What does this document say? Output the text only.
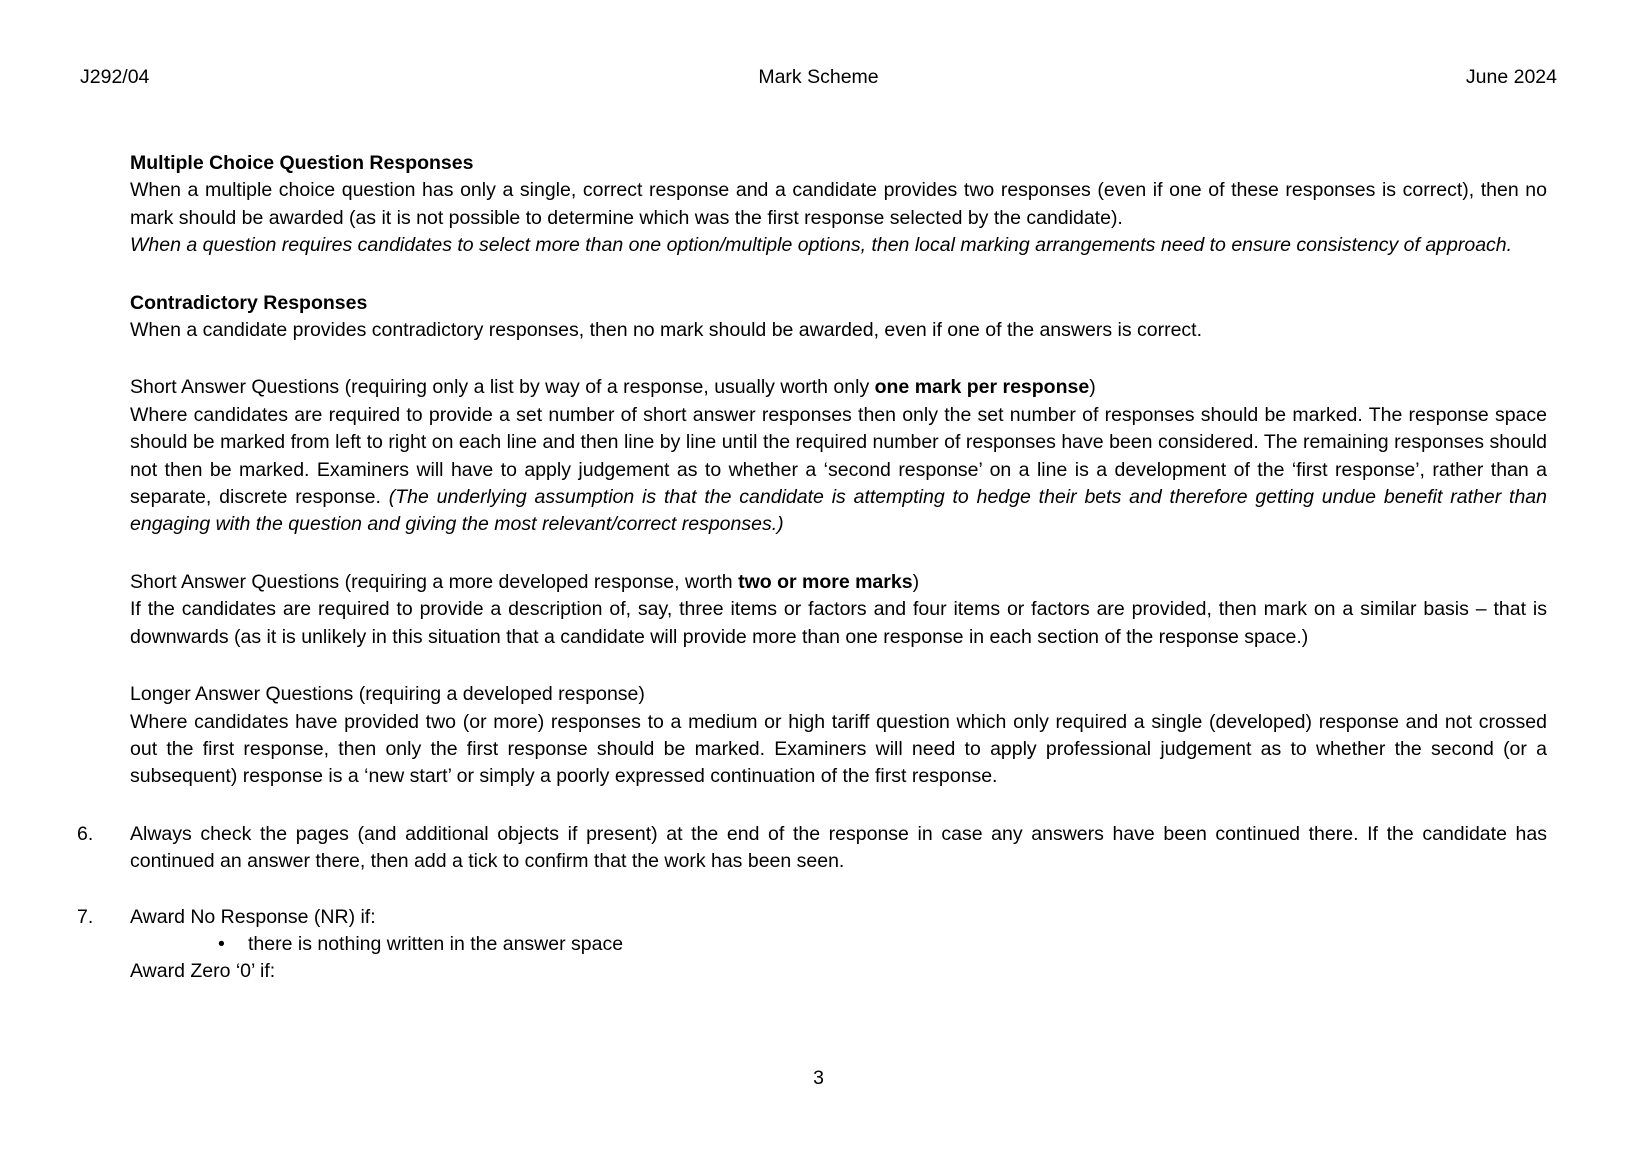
J292/04	Mark Scheme	June 2024

Multiple Choice Question Responses

When a multiple choice question has only a single, correct response and a candidate provides two responses (even if one of these responses is correct), then no mark should be awarded (as it is not possible to determine which was the first response selected by the candidate).

When a question requires candidates to select more than one option/multiple options, then local marking arrangements need to ensure consistency of approach.

Contradictory Responses

When a candidate provides contradictory responses, then no mark should be awarded, even if one of the answers is correct.

Short Answer Questions (requiring only a list by way of a response, usually worth only one mark per response)

Where candidates are required to provide a set number of short answer responses then only the set number of responses should be marked. The response space should be marked from left to right on each line and then line by line until the required number of responses have been considered. The remaining responses should not then be marked. Examiners will have to apply judgement as to whether a ‘second response’ on a line is a development of the ‘first response’, rather than a separate, discrete response. (The underlying assumption is that the candidate is attempting to hedge their bets and therefore getting undue benefit rather than engaging with the question and giving the most relevant/correct responses.)

Short Answer Questions (requiring a more developed response, worth two or more marks)

If the candidates are required to provide a description of, say, three items or factors and four items or factors are provided, then mark on a similar basis – that is downwards (as it is unlikely in this situation that a candidate will provide more than one response in each section of the response space.)

Longer Answer Questions (requiring a developed response)

Where candidates have provided two (or more) responses to a medium or high tariff question which only required a single (developed) response and not crossed out the first response, then only the first response should be marked. Examiners will need to apply professional judgement as to whether the second (or a subsequent) response is a ‘new start’ or simply a poorly expressed continuation of the first response.

6. Always check the pages (and additional objects if present) at the end of the response in case any answers have been continued there. If the candidate has continued an answer there, then add a tick to confirm that the work has been seen.

7. Award No Response (NR) if:

• there is nothing written in the answer space

Award Zero ‘0’ if:

3
